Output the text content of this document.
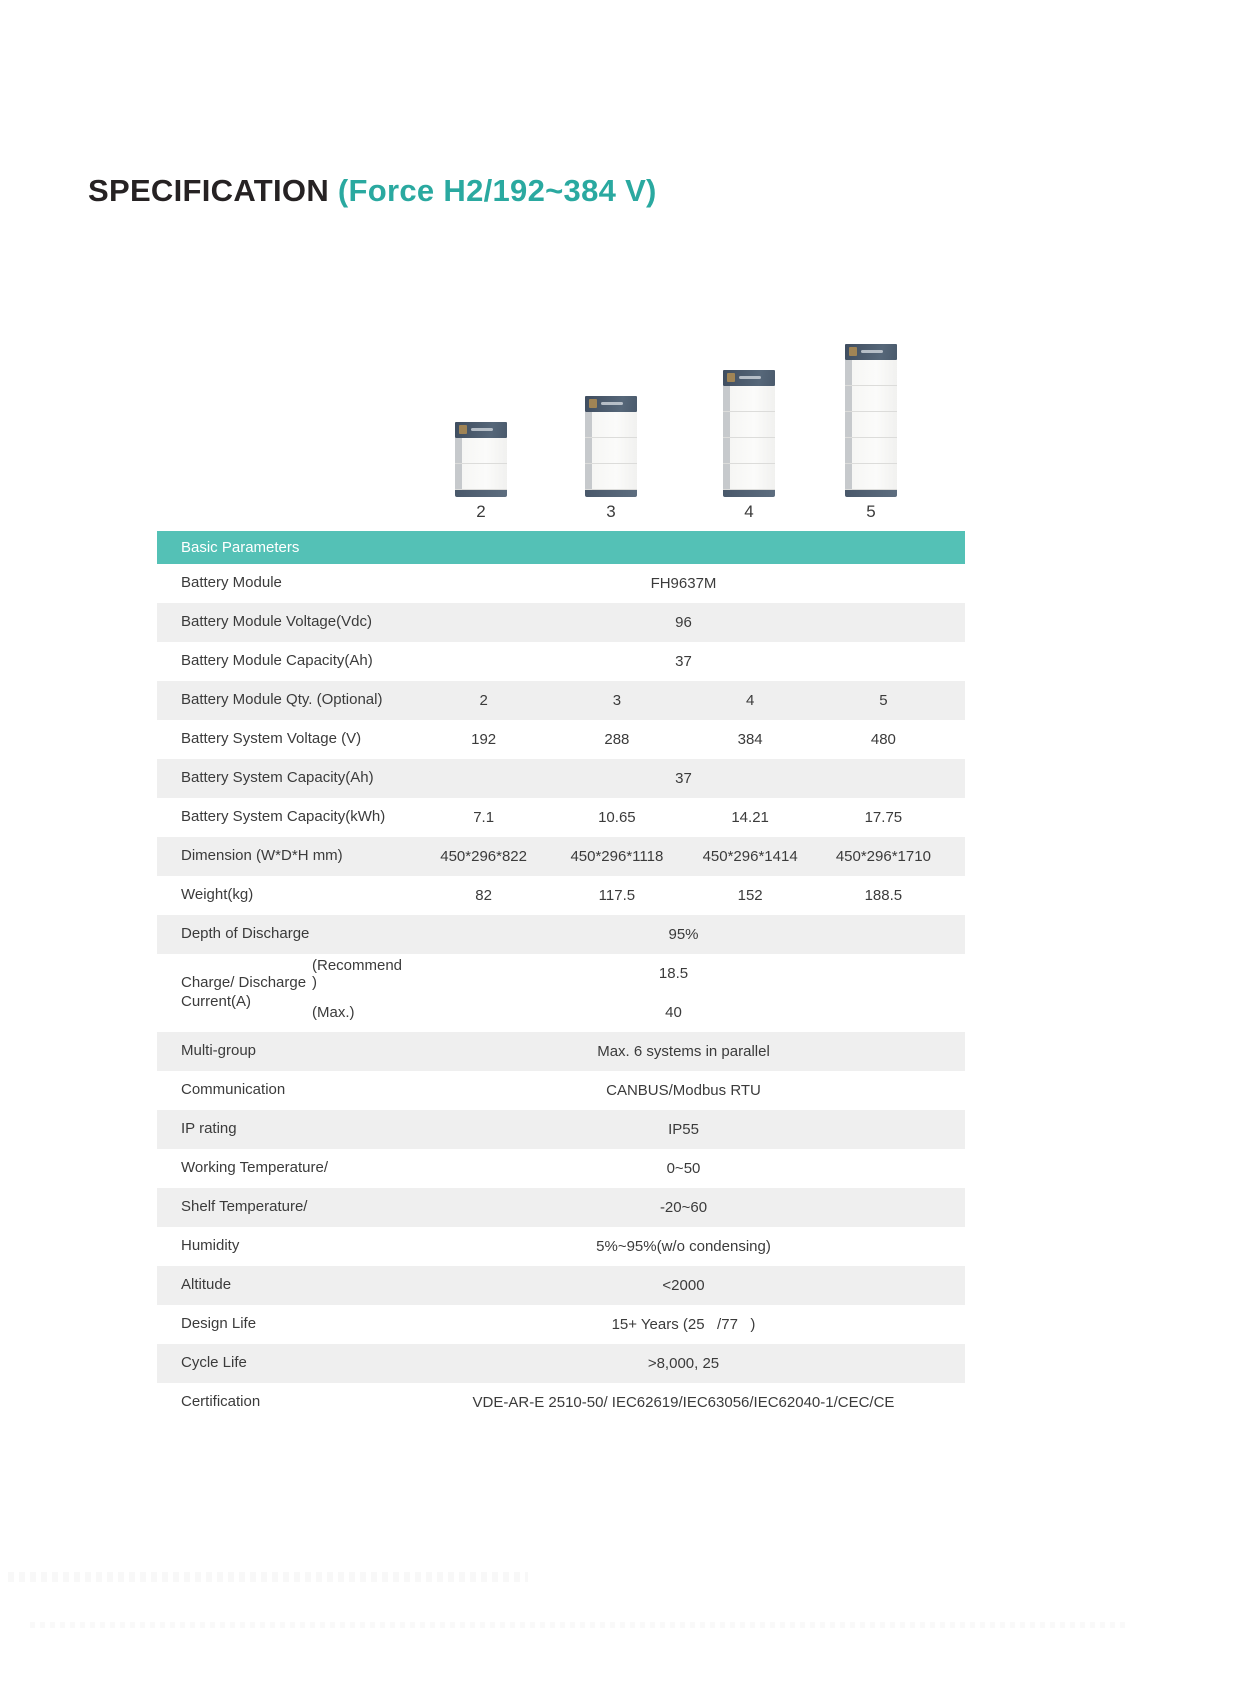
SPECIFICATION (Force H2/192~384 V)
2	3	4	5
Basic Parameters
Battery Module	FH9637M
Battery Module Voltage(Vdc)	96
Battery Module Capacity(Ah)	37
Battery Module Qty. (Optional)	2	3	4	5
Battery System Voltage (V)	192	288	384	480
Battery System Capacity(Ah)	37
Battery System Capacity(kWh)	7.1	10.65	14.21	17.75
Dimension (W*D*H mm)	450*296*822	450*296*1118	450*296*1414	450*296*1710
Weight(kg)	82	117.5	152	188.5
Depth of Discharge	95%
Charge/ Discharge Current(A)
(Recommend )	18.5
(Max.)	40
Multi-group	Max. 6 systems in parallel
Communication	CANBUS/Modbus RTU
IP rating	IP55
Working Temperature/	0~50
Shelf Temperature/	-20~60
Humidity	5%~95%(w/o condensing)
Altitude	<2000
Design Life	15+ Years (25   /77   )
Cycle Life	>8,000, 25
Certification	VDE-AR-E 2510-50/ IEC62619/IEC63056/IEC62040-1/CEC/CE
